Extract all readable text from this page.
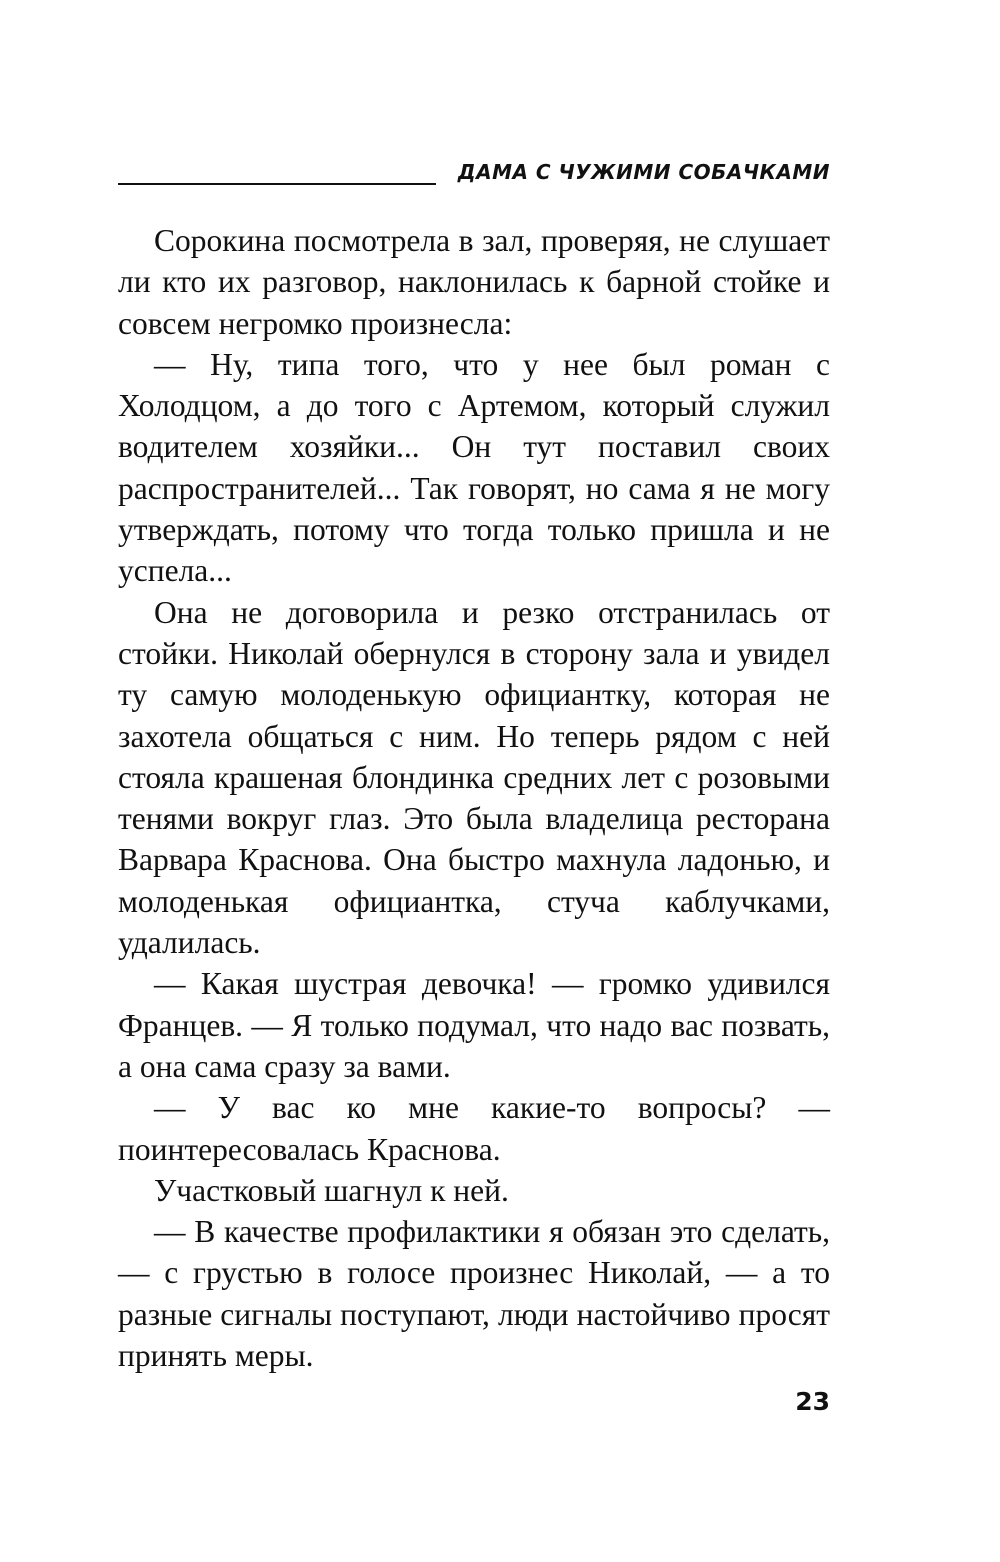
ДАМА С ЧУЖИМИ СОБАЧКАМИ

Сорокина посмотрела в зал, проверяя, не слушает ли кто их разговор, наклонилась к барной стойке и совсем негромко произнесла:

— Ну, типа того, что у нее был роман с Холодцом, а до того с Артемом, который служил водителем хозяйки... Он тут поставил своих распространителей... Так говорят, но сама я не могу утверждать, потому что тогда только пришла и не успела...

Она не договорила и резко отстранилась от стойки. Николай обернулся в сторону зала и увидел ту самую молоденькую официантку, которая не захотела общаться с ним. Но теперь рядом с ней стояла крашеная блондинка средних лет с розовыми тенями вокруг глаз. Это была владелица ресторана Варвара Краснова. Она быстро махнула ладонью, и молоденькая официантка, стуча каблучками, удалилась.

— Какая шустрая девочка! — громко удивился Францев. — Я только подумал, что надо вас позвать, а она сама сразу за вами.

— У вас ко мне какие-то вопросы? — поинтересовалась Краснова.

Участковый шагнул к ней.

— В качестве профилактики я обязан это сделать, — с грустью в голосе произнес Николай, — а то разные сигналы поступают, люди настойчиво просят принять меры.

23
